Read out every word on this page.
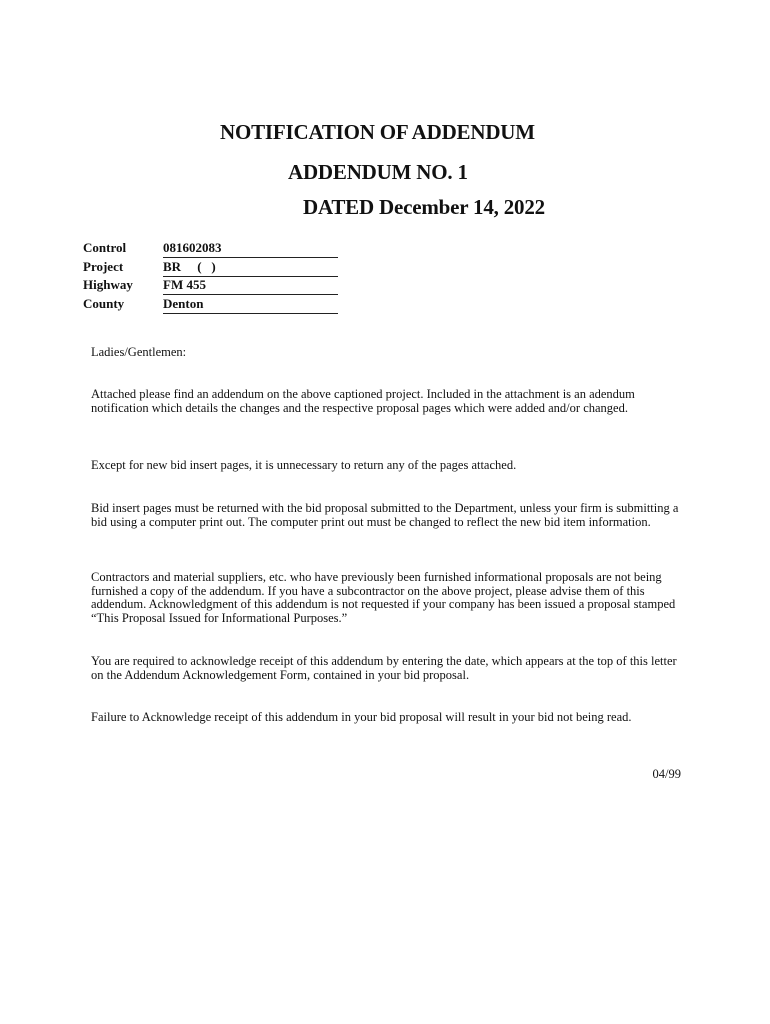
NOTIFICATION OF ADDENDUM
ADDENDUM NO. 1
DATED December 14, 2022
Control	081602083
Project	BR     (   )
Highway FM 455
County	Denton

Ladies/Gentlemen:

Attached please find an addendum on the above captioned project. Included in the attachment is an adendum notification which details the changes and the respective proposal pages which were added and/or changed.

Except for new bid insert pages, it is unnecessary to return any of the pages attached.

Bid insert pages must be returned with the bid proposal submitted to the Department, unless your firm is submitting a bid using a computer print out. The computer print out must be changed to reflect the new bid item information.

Contractors and material suppliers, etc. who have previously been furnished informational proposals are not being furnished a copy of the addendum. If you have a subcontractor on the above project, please advise them of this addendum. Acknowledgment of this addendum is not requested if your company has been issued a proposal stamped “This Proposal Issued for Informational Purposes.”

You are required to acknowledge receipt of this addendum by entering the date, which appears at the top of this letter on the Addendum Acknowledgement Form, contained in your bid proposal.

Failure to Acknowledge receipt of this addendum in your bid proposal will result in your bid not being read.

04/99
